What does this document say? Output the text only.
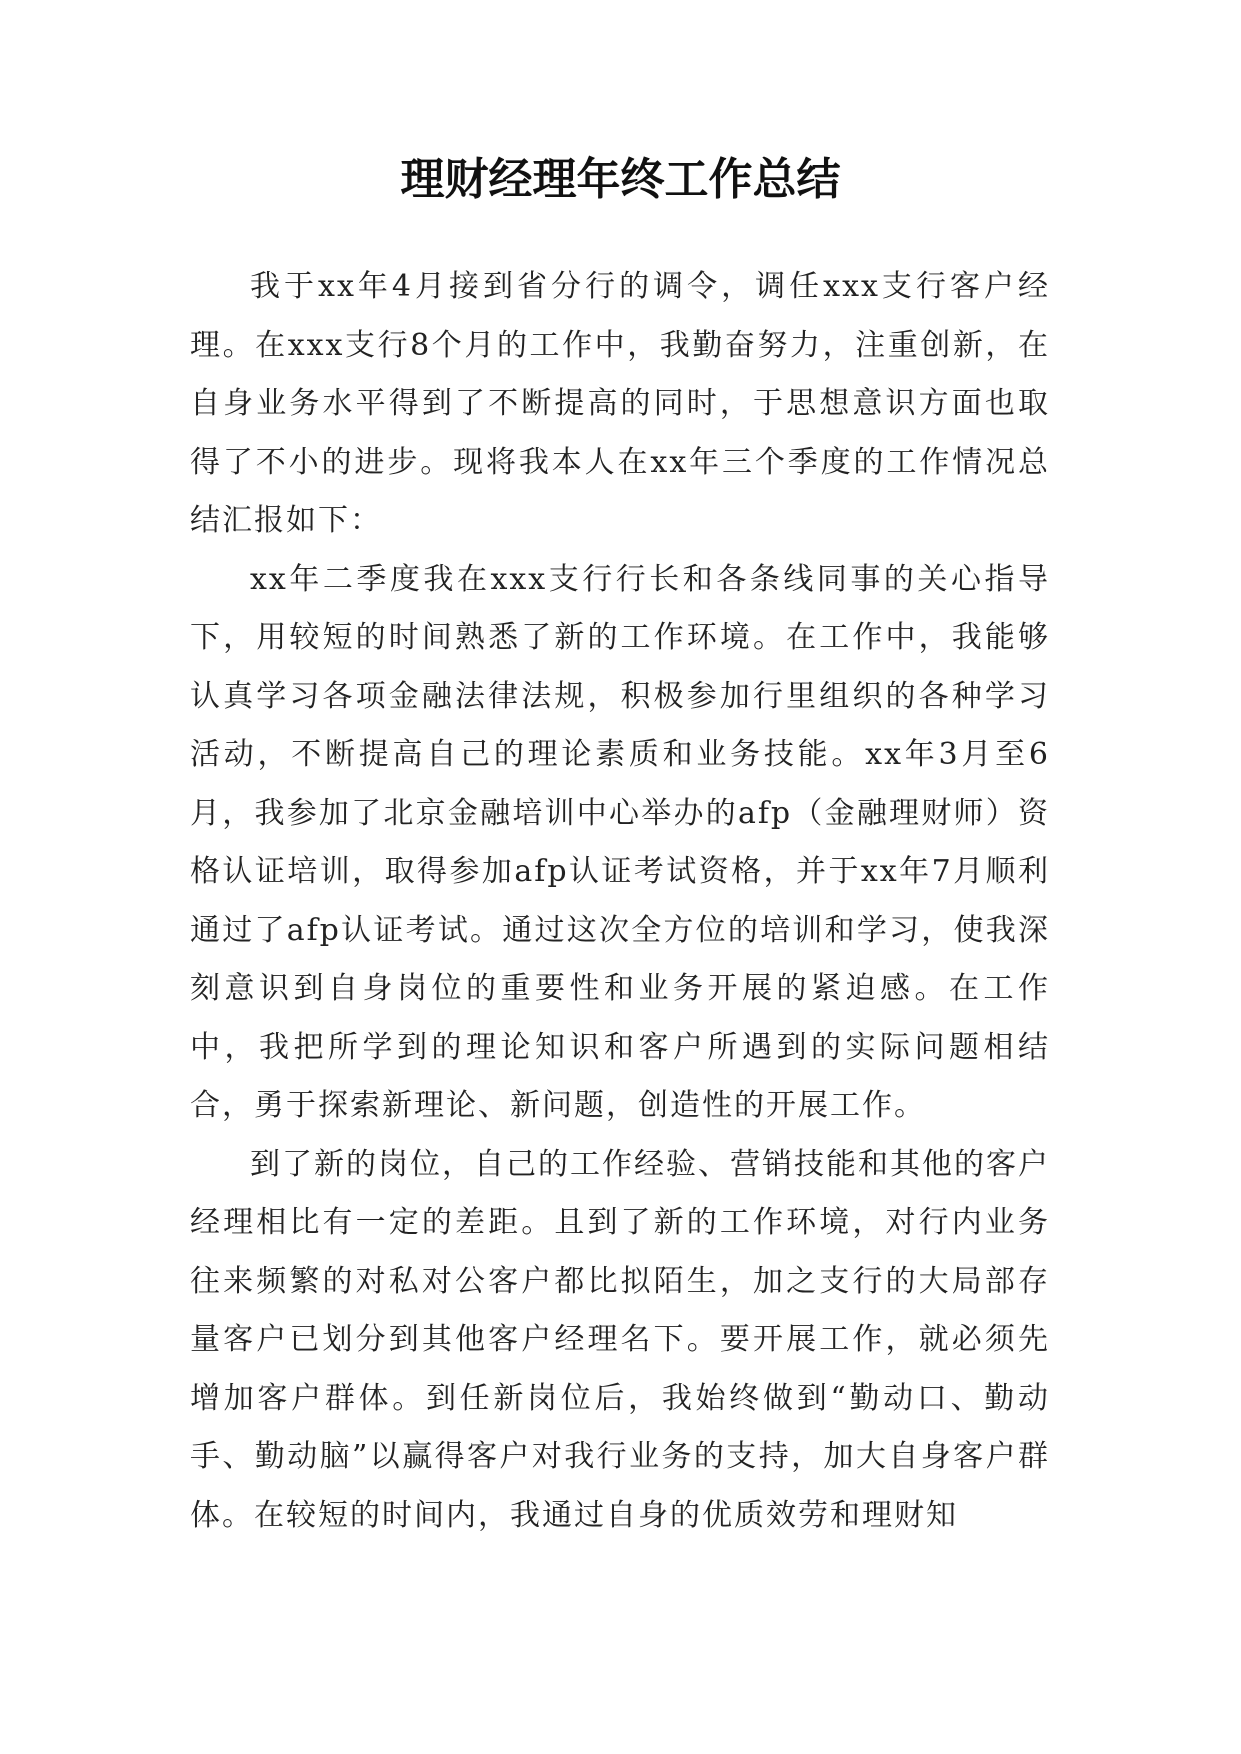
理财经理年终工作总结

我于xx年4月接到省分行的调令，调任xxx支行客户经理。在xxx支行8个月的工作中，我勤奋努力，注重创新，在自身业务水平得到了不断提高的同时，于思想意识方面也取得了不小的进步。现将我本人在xx年三个季度的工作情况总结汇报如下：

xx年二季度我在xxx支行行长和各条线同事的关心指导下，用较短的时间熟悉了新的工作环境。在工作中，我能够认真学习各项金融法律法规，积极参加行里组织的各种学习活动，不断提高自己的理论素质和业务技能。xx年3月至6月，我参加了北京金融培训中心举办的afp（金融理财师）资格认证培训，取得参加afp认证考试资格，并于xx年7月顺利通过了afp认证考试。通过这次全方位的培训和学习，使我深刻意识到自身岗位的重要性和业务开展的紧迫感。在工作中，我把所学到的理论知识和客户所遇到的实际问题相结合，勇于探索新理论、新问题，创造性的开展工作。

到了新的岗位，自己的工作经验、营销技能和其他的客户经理相比有一定的差距。且到了新的工作环境，对行内业务往来频繁的对私对公客户都比拟陌生，加之支行的大局部存量客户已划分到其他客户经理名下。要开展工作，就必须先增加客户群体。到任新岗位后，我始终做到“勤动口、勤动手、勤动脑”以赢得客户对我行业务的支持，加大自身客户群体。在较短的时间内，我通过自身的优质效劳和理财知
